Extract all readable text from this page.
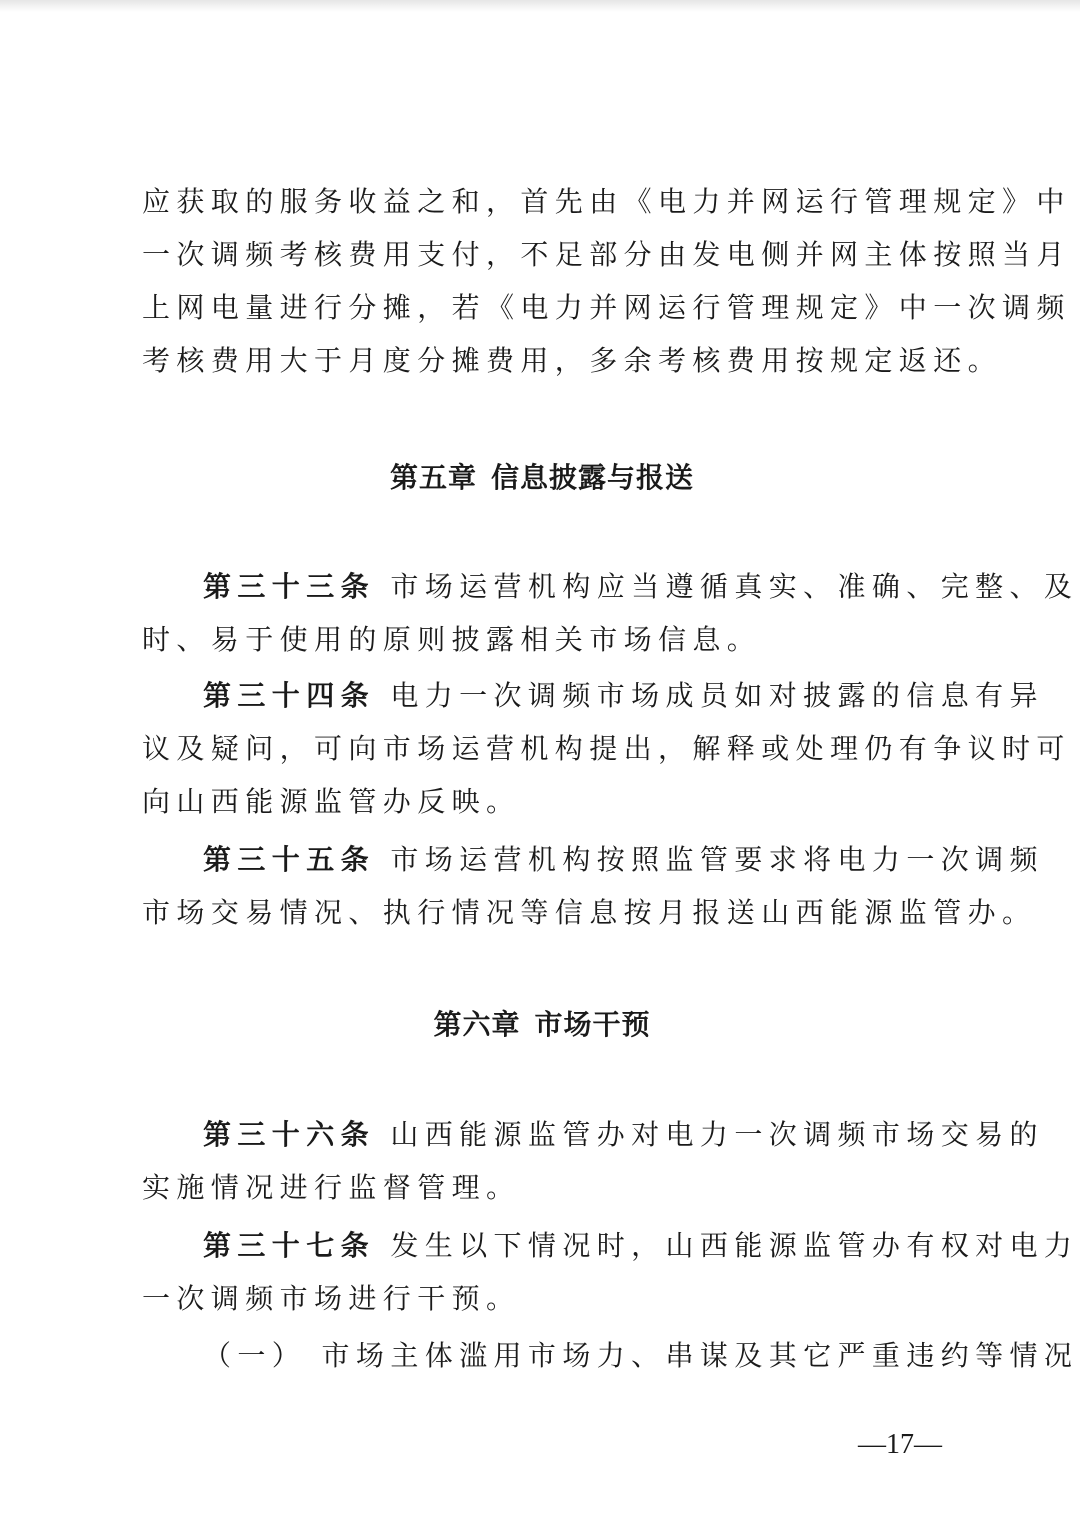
应获取的服务收益之和，首先由《电力并网运行管理规定》中
一次调频考核费用支付，不足部分由发电侧并网主体按照当月
上网电量进行分摊，若《电力并网运行管理规定》中一次调频
考核费用大于月度分摊费用，多余考核费用按规定返还。
第五章 信息披露与报送
第三十三条 市场运营机构应当遵循真实、准确、完整、及
时、易于使用的原则披露相关市场信息。
第三十四条 电力一次调频市场成员如对披露的信息有异
议及疑问，可向市场运营机构提出，解释或处理仍有争议时可
向山西能源监管办反映。
第三十五条 市场运营机构按照监管要求将电力一次调频
市场交易情况、执行情况等信息按月报送山西能源监管办。
第六章 市场干预
第三十六条 山西能源监管办对电力一次调频市场交易的
实施情况进行监督管理。
第三十七条 发生以下情况时，山西能源监管办有权对电力
一次调频市场进行干预。
（一） 市场主体滥用市场力、串谋及其它严重违约等情况
—17—
